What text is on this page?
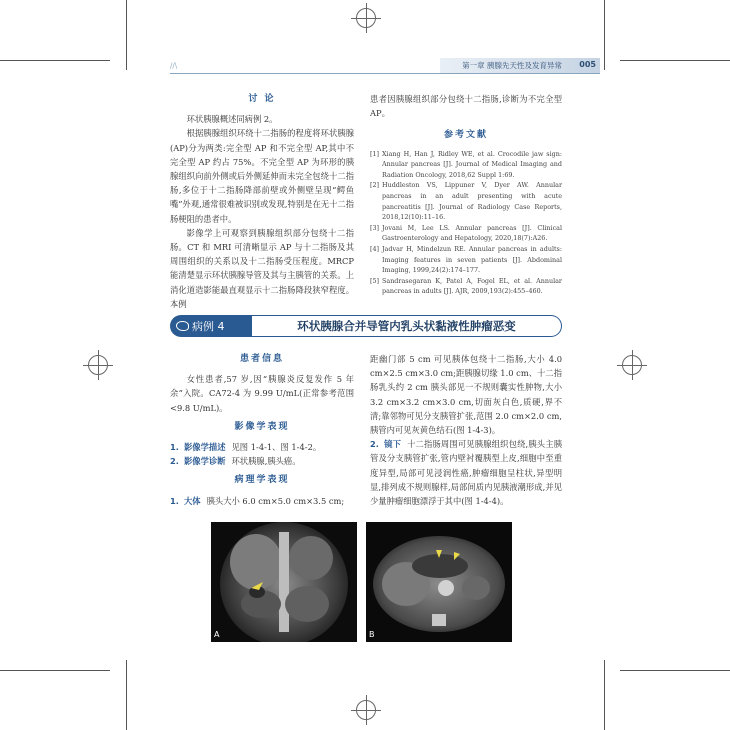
//\	第一章 胰腺先天性及发育异常 005
讨 论

环状胰腺概述同病例 2。

根据胰腺组织环绕十二指肠的程度将环状胰腺(AP)分为两类:完全型 AP 和不完全型 AP,其中不完全型 AP 约占 75%。不完全型 AP 为环形的胰腺组织向前外侧或后外侧延伸而未完全包绕十二指肠,多位于十二指肠降部前壁或外侧壁呈现“鳄鱼嘴”外观,通常很难被识别或发现,特别是在无十二指肠梗阻的患者中。

影像学上可观察到胰腺组织部分包绕十二指肠。CT 和 MRI 可清晰显示 AP 与十二指肠及其周围组织的关系以及十二指肠受压程度。MRCP 能清楚显示环状胰腺导管及其与主胰管的关系。上消化道造影能最直观显示十二指肠降段狭窄程度。本例

患者因胰腺组织部分包绕十二指肠,诊断为不完全型 AP。

参考文献
[1] Xiang H, Han J, Ridley WE, et al. Crocodile jaw sign: Annular pancreas [J]. Journal of Medical Imaging and Radiation Oncology, 2018,62 Suppl 1:69.
[2] Huddleston VS, Lippuner V, Dyer AW. Annular pancreas in an adult presenting with acute pancreatitis [J]. Journal of Radiology Case Reports, 2018,12(10):11–16.
[3] Jovani M, Lee LS. Annular pancreas [J]. Clinical Gastroenterology and Hepatology, 2020,18(7):A26.
[4] Jadvar H, Mindelzun RE. Annular pancreas in adults: Imaging features in seven patients [J]. Abdominal Imaging, 1999,24(2):174–177.
[5] Sandrasegaran K, Patel A, Fogel EL, et al. Annular pancreas in adults [J]. AJR, 2009,193(2):455–460.
病例 4	环状胰腺合并导管内乳头状黏液性肿瘤恶变
患者信息

女性患者,57 岁,因“胰腺炎反复发作 5 年余”入院。CA72-4 为 9.99 U/mL(正常参考范围<9.8 U/mL)。

影像学表现
1. 影像学描述 见图 1-4-1、图 1-4-2。
2. 影像学诊断 环状胰腺,胰头癌。
病理学表现
1. 大体 胰头大小 6.0 cm×5.0 cm×3.5 cm;

距幽门部 5 cm 可见胰体包绕十二指肠,大小 4.0 cm×2.5 cm×3.0 cm;距胰腺切缘 1.0 cm、十二指肠乳头约 2 cm 胰头部见一不规则囊实性肿物,大小 3.2 cm×3.2 cm×3.0 cm,切面灰白色,质硬,界不清;靠邻物可见分支胰管扩张,范围 2.0 cm×2.0 cm,胰管内可见灰黄色结石(图 1-4-3)。

2. 镜下 十二指肠周围可见胰腺组织包绕,胰头主胰管及分支胰管扩张,管内壁衬覆胰型上皮,细胞中至重度异型,局部可见浸润性癌,肿瘤细胞呈柱状,异型明显,排列成不规则腺样,局部间质内见胰液潮形成,并见少量肿瘤细胞漂浮于其中(图 1-4-4)。
A	B
